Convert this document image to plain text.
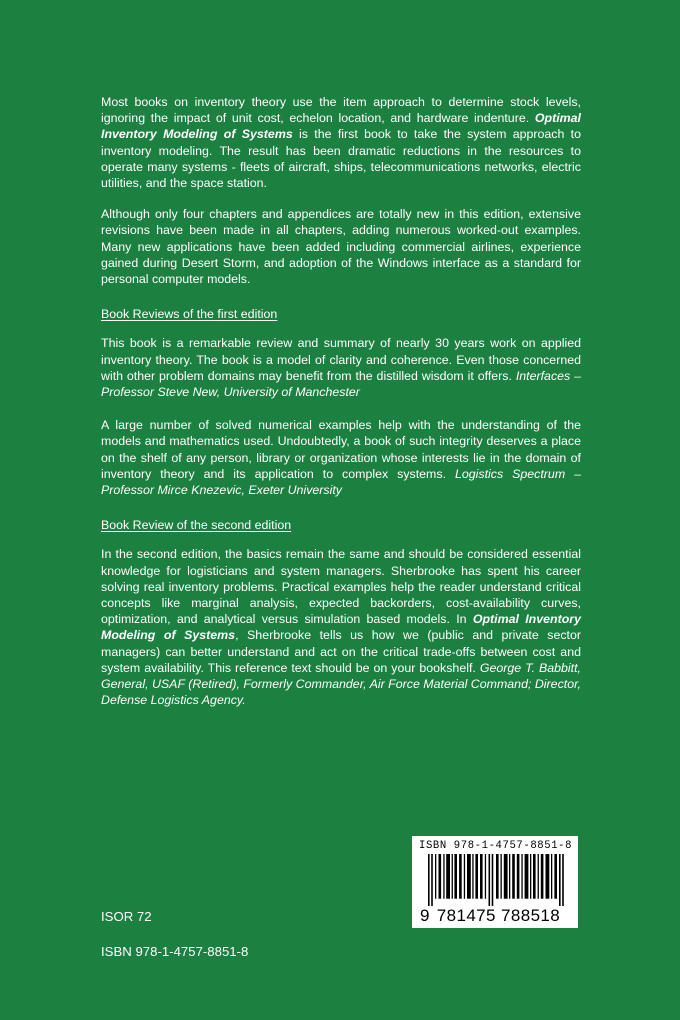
Most books on inventory theory use the item approach to determine stock levels, ignoring the impact of unit cost, echelon location, and hardware indenture. Optimal Inventory Modeling of Systems is the first book to take the system approach to inventory modeling. The result has been dramatic reductions in the resources to operate many systems - fleets of aircraft, ships, telecommunications networks, electric utilities, and the space station.

Although only four chapters and appendices are totally new in this edition, extensive revisions have been made in all chapters, adding numerous worked-out examples. Many new applications have been added including commercial airlines, experience gained during Desert Storm, and adoption of the Windows interface as a standard for personal computer models.

Book Reviews of the first edition

This book is a remarkable review and summary of nearly 30 years work on applied inventory theory. The book is a model of clarity and coherence. Even those concerned with other problem domains may benefit from the distilled wisdom it offers. Interfaces – Professor Steve New, University of Manchester

A large number of solved numerical examples help with the understanding of the models and mathematics used. Undoubtedly, a book of such integrity deserves a place on the shelf of any person, library or organization whose interests lie in the domain of inventory theory and its application to complex systems. Logistics Spectrum – Professor Mirce Knezevic, Exeter University

Book Review of the second edition

In the second edition, the basics remain the same and should be considered essential knowledge for logisticians and system managers. Sherbrooke has spent his career solving real inventory problems. Practical examples help the reader understand critical concepts like marginal analysis, expected backorders, cost-availability curves, optimization, and analytical versus simulation based models. In Optimal Inventory Modeling of Systems, Sherbrooke tells us how we (public and private sector managers) can better understand and act on the critical trade-offs between cost and system availability. This reference text should be on your bookshelf. George T. Babbitt, General, USAF (Retired), Formerly Commander, Air Force Material Command; Director, Defense Logistics Agency.

ISOR 72

ISBN 978-1-4757-8851-8

ISBN 978-1-4757-8851-8
9 781475 788518
